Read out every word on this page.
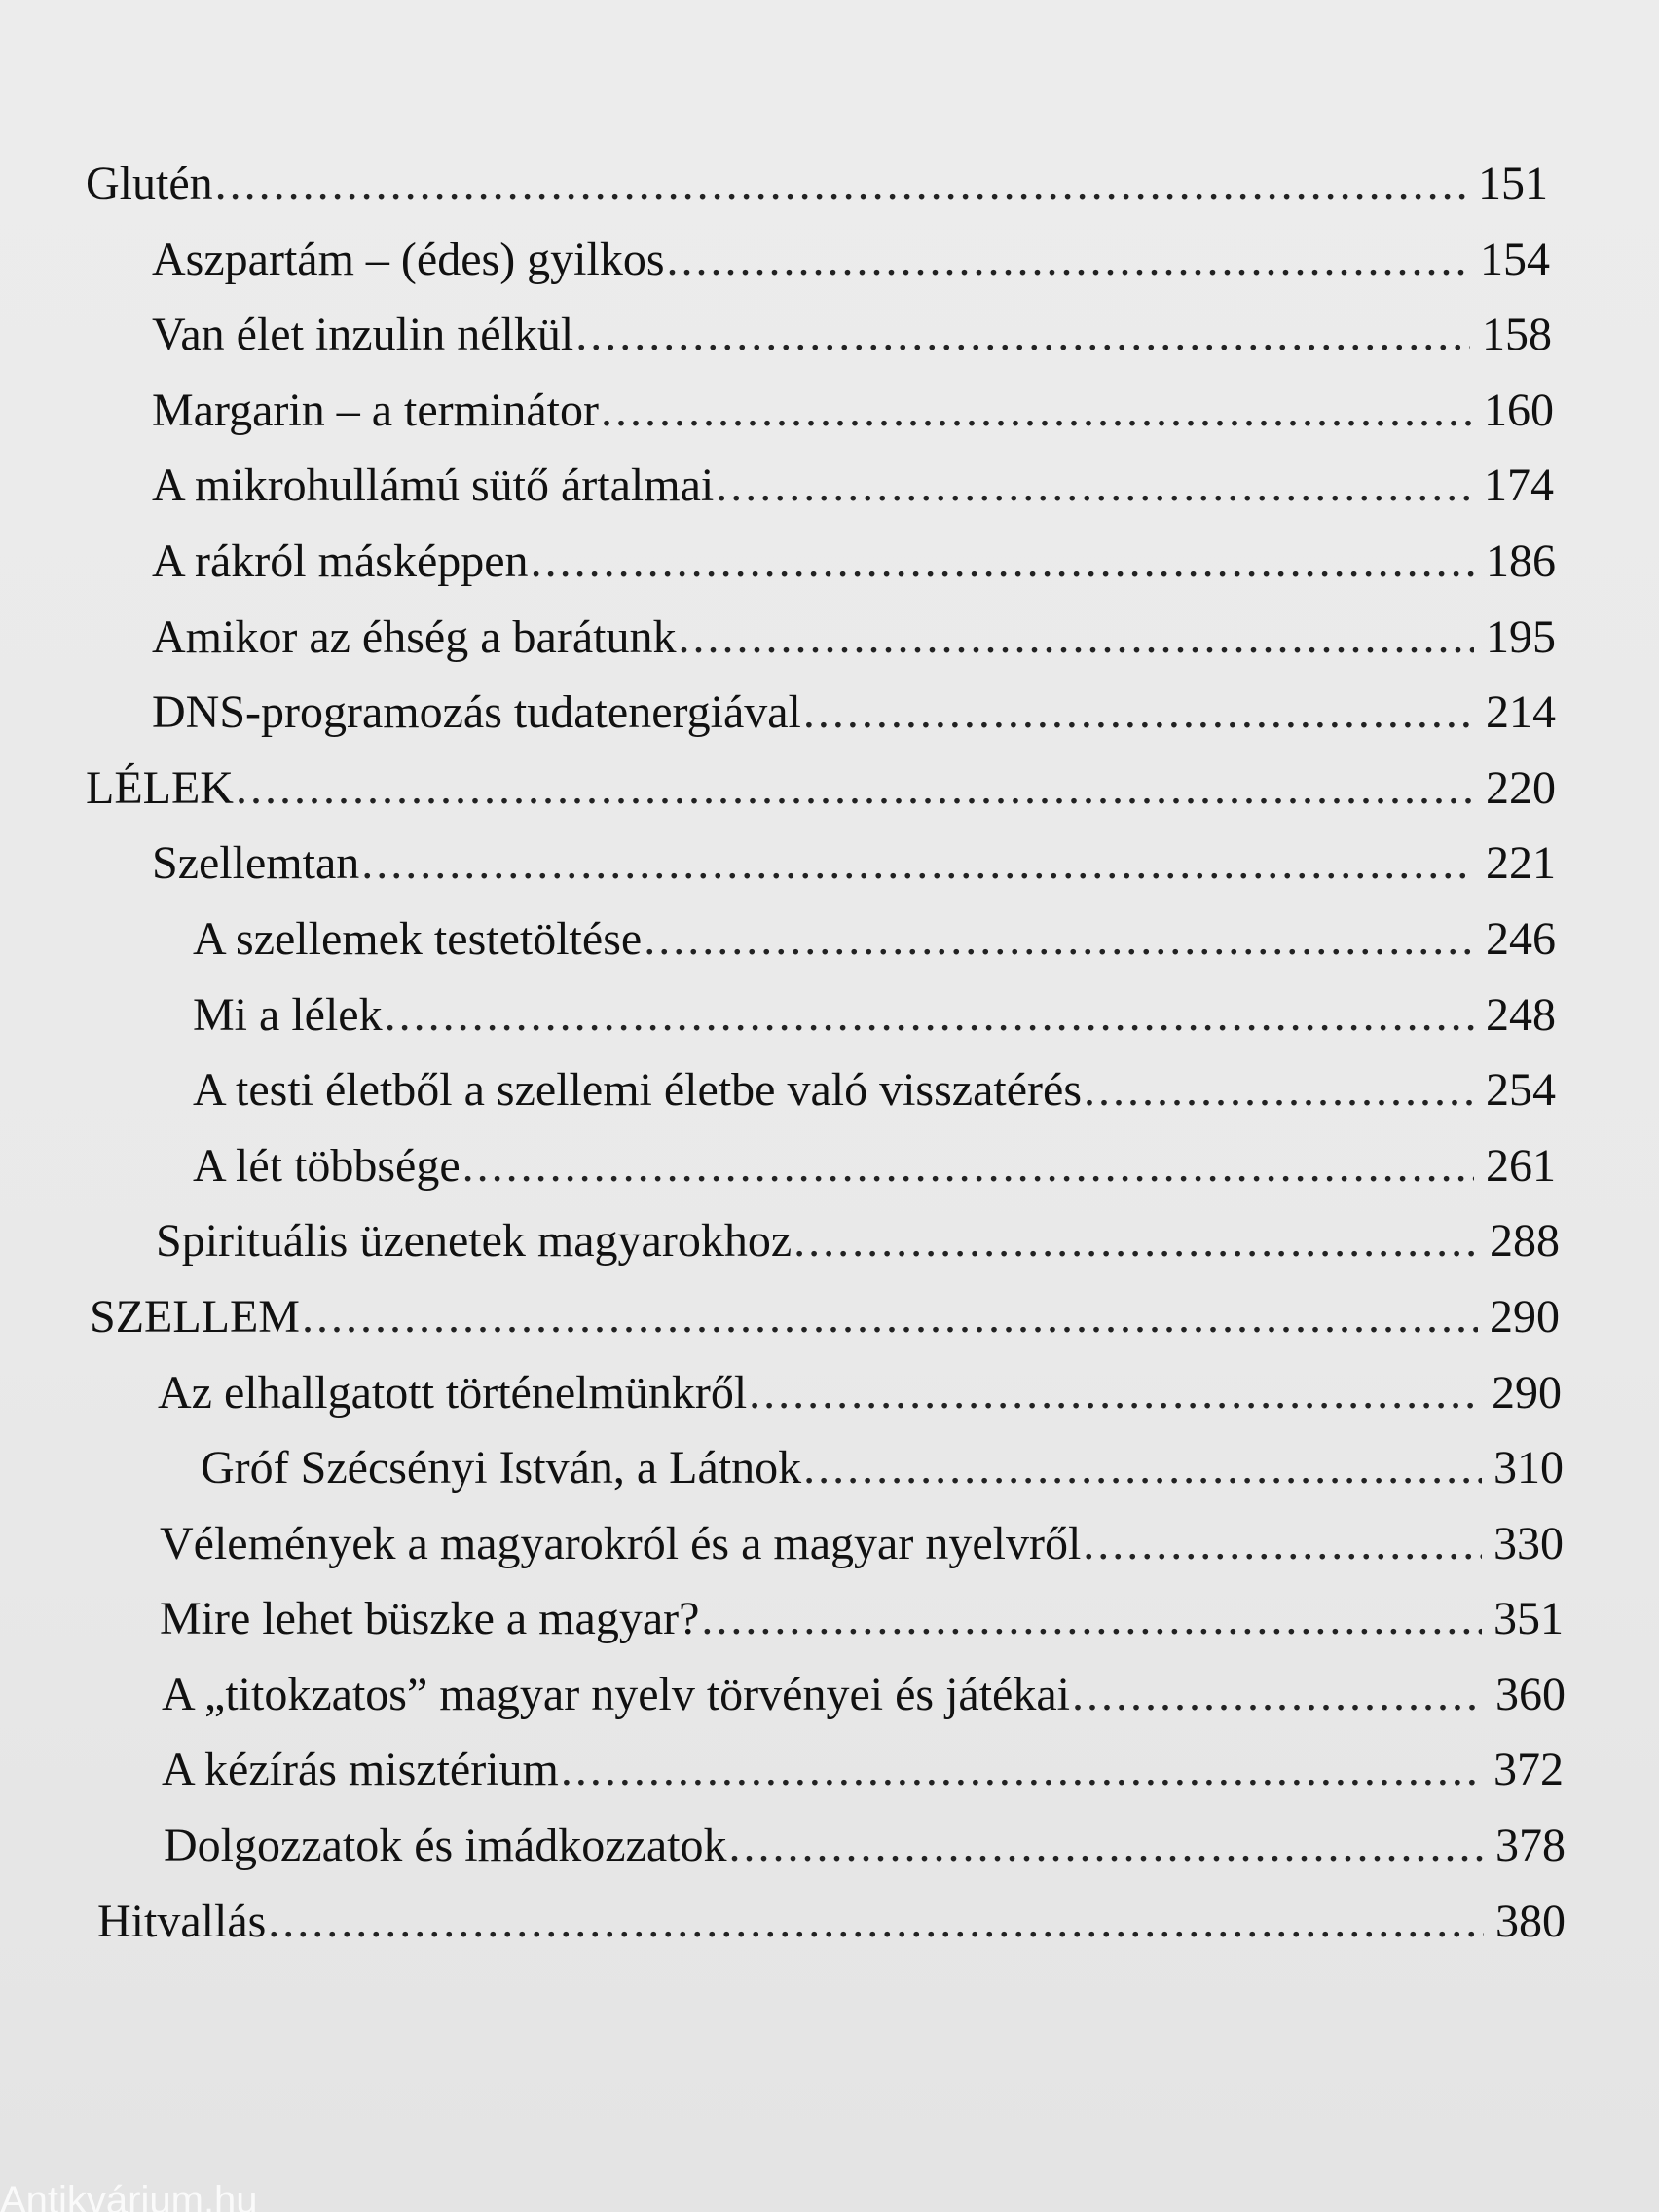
Glutén .....	151
Aszpartám – (édes) gyilkos .....	154
Van élet inzulin nélkül .....	158
Margarin – a terminátor .....	160
A mikrohullámú sütő ártalmai .....	174
A rákról másképpen .....	186
Amikor az éhség a barátunk .....	195
DNS-programozás tudatenergiával .....	214
LÉLEK .....	220
Szellemtan .....	221
A szellemek testetöltése .....	246
Mi a lélek .....	248
A testi életből a szellemi életbe való visszatérés .....	254
A lét többsége .....	261
Spirituális üzenetek magyarokhoz .....	288
SZELLEM .....	290
Az elhallgatott történelmünkről .....	290
Gróf Szécsényi István, a Látnok .....	310
Vélemények a magyarokról és a magyar nyelvről .....	330
Mire lehet büszke a magyar? .....	351
A „titokzatos” magyar nyelv törvényei és játékai .....	360
A kézírás misztérium .....	372
Dolgozzatok és imádkozzatok .....	378
Hitvallás .....	380
Antikvárium.hu
